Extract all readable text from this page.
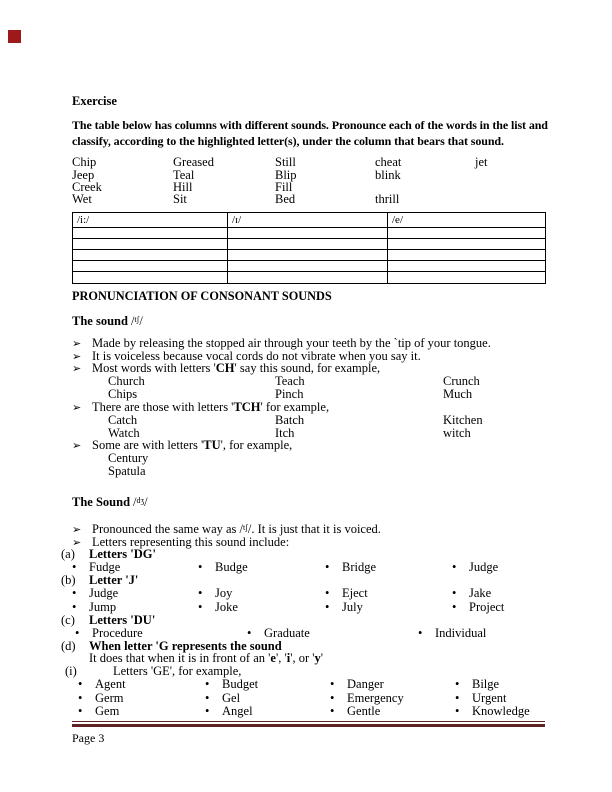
Exercise
The table below has columns with different sounds. Pronounce each of the words in the list and
classify, according to the highlighted letter(s), under the column that bears that sound.
Chip	Greased	Still	cheat	jet
Jeep	Teal	Blip	blink
Creek	Hill	Fill
Wet	Sit	Bed	thrill
/i:/	/ɪ/	/e/
PRONUNCIATION OF CONSONANT SOUNDS
The sound /$^{tʃ}$/
➢ Made by releasing the stopped air through your teeth by the `tip of your tongue.
➢ It is voiceless because vocal cords do not vibrate when you say it.
➢ Most words with letters 'CH' say this sound, for example,
Church	Teach	Crunch
Chips	Pinch	Much
➢ There are those with letters 'TCH' for example,
Catch	Batch	Kitchen
Watch	Itch	witch
➢ Some are with letters 'TU', for example,
Century
Spatula
The Sound /$^{dʒ}$/
➢ Pronounced the same way as /$^{tʃ}$/. It is just that it is voiced.
➢ Letters representing this sound include:
(a) Letters 'DG'
• Fudge	• Budge	• Bridge	• Judge
(b) Letter 'J'
• Judge	• Joy	• Eject	• Jake
• Jump	• Joke	• July	• Project
(c) Letters 'DU'
• Procedure	• Graduate	• Individual
(d) When letter 'G represents the sound
It does that when it is in front of an 'e', 'i', or 'y'
(i)	Letters 'GE', for example,
• Agent	• Budget	• Danger	• Bilge
• Germ	• Gel	• Emergency	• Urgent
• Gem	• Angel	• Gentle	• Knowledge
Page 3
